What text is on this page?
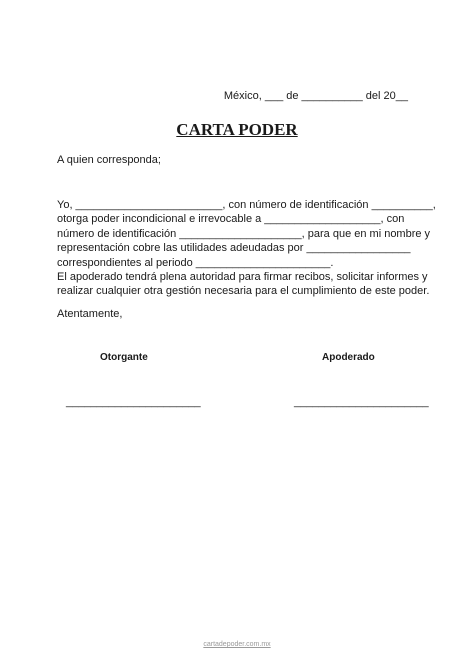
México, ___ de __________ del 20__
CARTA PODER
A quien corresponda;
Yo, ________________________, con número de identificación __________,
otorga poder incondicional e irrevocable a ___________________, con
número de identificación ____________________, para que en mi nombre y
representación cobre las utilidades adeudadas por _________________
correspondientes al periodo ______________________.
El apoderado tendrá plena autoridad para firmar recibos, solicitar informes y
realizar cualquier otra gestión necesaria para el cumplimiento de este poder.
Atentamente,
Otorgante	Apoderado
______________________	______________________
cartadepoder.com.mx
